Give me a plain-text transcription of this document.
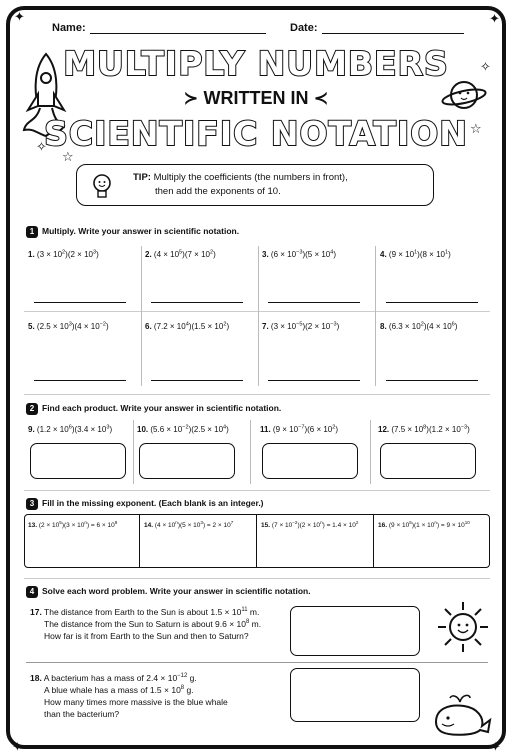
✦	✦
✦	✦
☆
✧
☆
✧
Name:	Date:
MULTIPLY NUMBERS
≻ WRITTEN IN ≺
SCIENTIFIC NOTATION
TIP: Multiply the coefficients (the numbers in front),
then add the exponents of 10.
1 Multiply. Write your answer in scientific notation.
1. $(3 \times 10^2)(2 \times 10^3)$	2. $(4 \times 10^5)(7 \times 10^2)$	3. $(6 \times 10^{-3})(5 \times 10^4)$	4. $(9 \times 10^1)(8 \times 10^1)$
5. $(2.5 \times 10^3)(4 \times 10^{-2})$	6. $(7.2 \times 10^4)(1.5 \times 10^2)$	7. $(3 \times 10^{-5})(2 \times 10^{-3})$	8. $(6.3 \times 10^2)(4 \times 10^6)$
2 Find each product. Write your answer in scientific notation.
9. $(1.2 \times 10^6)(3.4 \times 10^3)$	10. $(5.6 \times 10^{-2})(2.5 \times 10^4)$	11. $(9 \times 10^{-7})(6 \times 10^2)$	12. $(7.5 \times 10^8)(1.2 \times 10^{-3})$
3 Fill in the missing exponent. (Each blank is an integer.)
13. $(2 \times 10^5)(3 \times 10^n) = 6 \times 10^8$	14. $(4 \times 10^n)(5 \times 10^3) = 2 \times 10^7$	15. $(7 \times 10^{-2})(2 \times 10^n) = 1.4 \times 10^2$	16. $(9 \times 10^5)(1 \times 10^n) = 9 \times 10^{10}$
4 Solve each word problem. Write your answer in scientific notation.
17. The distance from Earth to the Sun is about $1.5 \times 10^{11}$ m.
The distance from the Sun to Saturn is about $9.6 \times 10^8$ m.
How far is it from Earth to the Sun and then to Saturn?
18. A bacterium has a mass of $2.4 \times 10^{-12}$ g.
A blue whale has a mass of $1.5 \times 10^8$ g.
How many times more massive is the blue whale
than the bacterium?
